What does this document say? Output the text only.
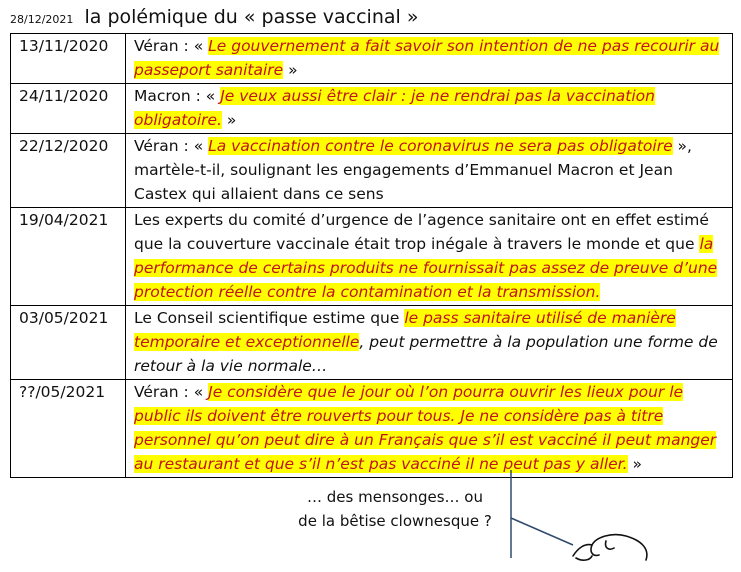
28/12/2021 la polémique du « passe vaccinal »
13/11/2020	Véran : « Le gouvernement a fait savoir son intention de ne pas recourir au passeport sanitaire »
24/11/2020	Macron : « Je veux aussi être clair : je ne rendrai pas la vaccination obligatoire. »
22/12/2020	Véran : « La vaccination contre le coronavirus ne sera pas obligatoire », martèle-t-il, soulignant les engagements d’Emmanuel Macron et Jean Castex qui allaient dans ce sens
19/04/2021	Les experts du comité d’urgence de l’agence sanitaire ont en effet estimé que la couverture vaccinale était trop inégale à travers le monde et que la performance de certains produits ne fournissait pas assez de preuve d’une protection réelle contre la contamination et la transmission.
03/05/2021	Le Conseil scientifique estime que le pass sanitaire utilisé de manière temporaire et exceptionnelle, peut permettre à la population une forme de retour à la vie normale…
??/05/2021	Véran : « Je considère que le jour où l’on pourra ouvrir les lieux pour le public ils doivent être rouverts pour tous. Je ne considère pas à titre personnel qu’on peut dire à un Français que s’il est vacciné il peut manger au restaurant et que s’il n’est pas vacciné il ne peut pas y aller. »
… des mensonges… ou
de la bêtise clownesque ?
